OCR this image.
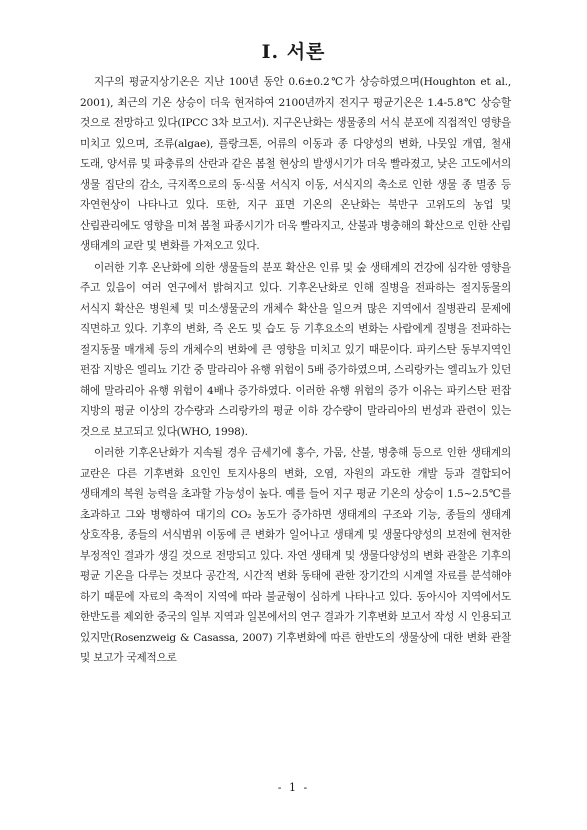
I. 서론

지구의 평균지상기온은 지난 100년 동안 0.6±0.2℃가 상승하였으며(Houghton et al., 2001), 최근의 기온 상승이 더욱 현저하여 2100년까지 전지구 평균기온은 1.4-5.8℃ 상승할 것으로 전망하고 있다(IPCC 3차 보고서). 지구온난화는 생물종의 서식 분포에 직접적인 영향을 미치고 있으며, 조류(algae), 플랑크톤, 어류의 이동과 종 다양성의 변화, 나뭇잎 개엽, 철새 도래, 양서류 및 파충류의 산란과 같은 봄철 현상의 발생시기가 더욱 빨라졌고, 낮은 고도에서의 생물 집단의 감소, 극지쪽으로의 동·식물 서식지 이동, 서식지의 축소로 인한 생물 종 멸종 등 자연현상이 나타나고 있다. 또한, 지구 표면 기온의 온난화는 북반구 고위도의 농업 및 산림관리에도 영향을 미쳐 봄철 파종시기가 더욱 빨라지고, 산불과 병충해의 확산으로 인한 산림 생태계의 교란 및 변화를 가져오고 있다.

이러한 기후 온난화에 의한 생물들의 분포 확산은 인류 및 숲 생태계의 건강에 심각한 영향을 주고 있음이 여러 연구에서 밝혀지고 있다. 기후온난화로 인해 질병을 전파하는 절지동물의 서식지 확산은 병원체 및 미소생물군의 개체수 확산을 일으켜 많은 지역에서 질병관리 문제에 직면하고 있다. 기후의 변화, 즉 온도 및 습도 등 기후요소의 변화는 사람에게 질병을 전파하는 절지동물 매개체 등의 개체수의 변화에 큰 영향을 미치고 있기 때문이다. 파키스탄 동부지역인 펀잡 지방은 엘리뇨 기간 중 말라리아 유행 위험이 5배 증가하였으며, 스리랑카는 엘리뇨가 있던 해에 말라리아 유행 위험이 4배나 증가하였다. 이러한 유행 위험의 증가 이유는 파키스탄 펀잡 지방의 평균 이상의 강수량과 스리랑카의 평균 이하 강수량이 말라리아의 번성과 관련이 있는 것으로 보고되고 있다(WHO, 1998).

이러한 기후온난화가 지속될 경우 금세기에 홍수, 가뭄, 산불, 병충해 등으로 인한 생태계의 교란은 다른 기후변화 요인인 토지사용의 변화, 오염, 자원의 과도한 개발 등과 결합되어 생태계의 복원 능력을 초과할 가능성이 높다. 예를 들어 지구 평균 기온의 상승이 1.5~2.5℃를 초과하고 그와 병행하여 대기의 CO₂ 농도가 증가하면 생태계의 구조와 기능, 종들의 생태계 상호작용, 종들의 서식범위 이동에 큰 변화가 일어나고 생태계 및 생물다양성의 보전에 현저한 부정적인 결과가 생길 것으로 전망되고 있다. 자연 생태계 및 생물다양성의 변화 관찰은 기후의 평균 기온을 다루는 것보다 공간적, 시간적 변화 동태에 관한 장기간의 시계열 자료를 분석해야 하기 때문에 자료의 축적이 지역에 따라 불균형이 심하게 나타나고 있다. 동아시아 지역에서도 한반도를 제외한 중국의 일부 지역과 일본에서의 연구 결과가 기후변화 보고서 작성 시 인용되고 있지만(Rosenzweig & Casassa, 2007) 기후변화에 따른 한반도의 생물상에 대한 변화 관찰 및 보고가 국제적으로

- 1 -
